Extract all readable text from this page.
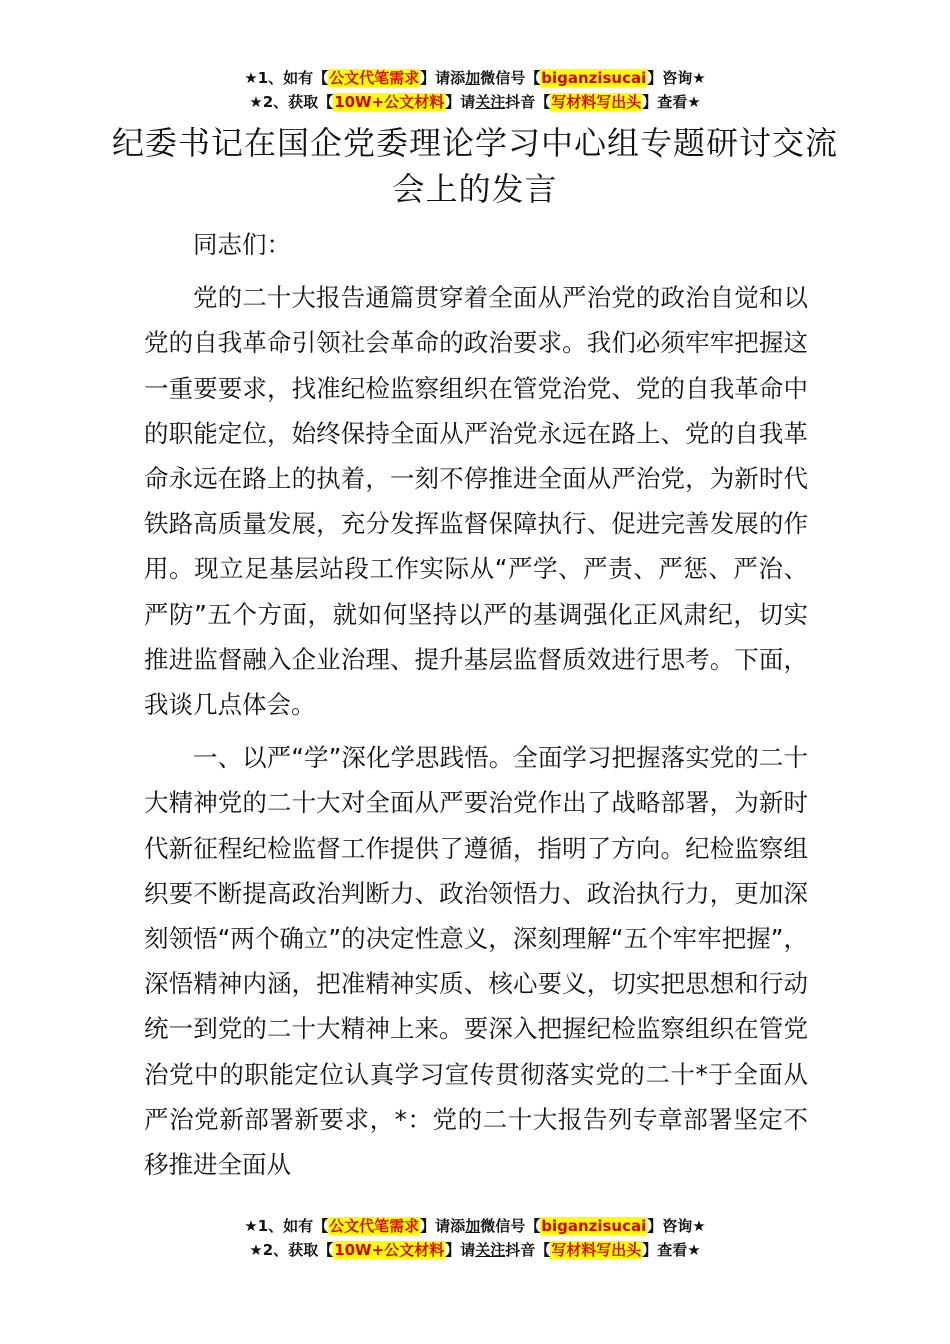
★1、如有【公文代笔需求】请添加微信号【biganzisucai】咨询★
★2、获取【10W+公文材料】请关注抖音【写材料写出头】查看★
纪委书记在国企党委理论学习中心组专题研讨交流会上的发言

同志们：

党的二十大报告通篇贯穿着全面从严治党的政治自觉和以党的自我革命引领社会革命的政治要求。我们必须牢牢把握这一重要要求，找准纪检监察组织在管党治党、党的自我革命中的职能定位，始终保持全面从严治党永远在路上、党的自我革命永远在路上的执着，一刻不停推进全面从严治党，为新时代铁路高质量发展，充分发挥监督保障执行、促进完善发展的作用。现立足基层站段工作实际从“严学、严责、严惩、严治、严防”五个方面，就如何坚持以严的基调强化正风肃纪，切实推进监督融入企业治理、提升基层监督质效进行思考。下面，我谈几点体会。

一、以严“学”深化学思践悟。全面学习把握落实党的二十大精神党的二十大对全面从严要治党作出了战略部署，为新时代新征程纪检监督工作提供了遵循，指明了方向。纪检监察组织要不断提高政治判断力、政治领悟力、政治执行力，更加深刻领悟“两个确立”的决定性意义，深刻理解“五个牢牢把握”，深悟精神内涵，把准精神实质、核心要义，切实把思想和行动统一到党的二十大精神上来。要深入把握纪检监察组织在管党治党中的职能定位认真学习宣传贯彻落实党的二十*于全面从严治党新部署新要求，*：党的二十大报告列专章部署坚定不移推进全面从

★1、如有【公文代笔需求】请添加微信号【biganzisucai】咨询★
★2、获取【10W+公文材料】请关注抖音【写材料写出头】查看★
